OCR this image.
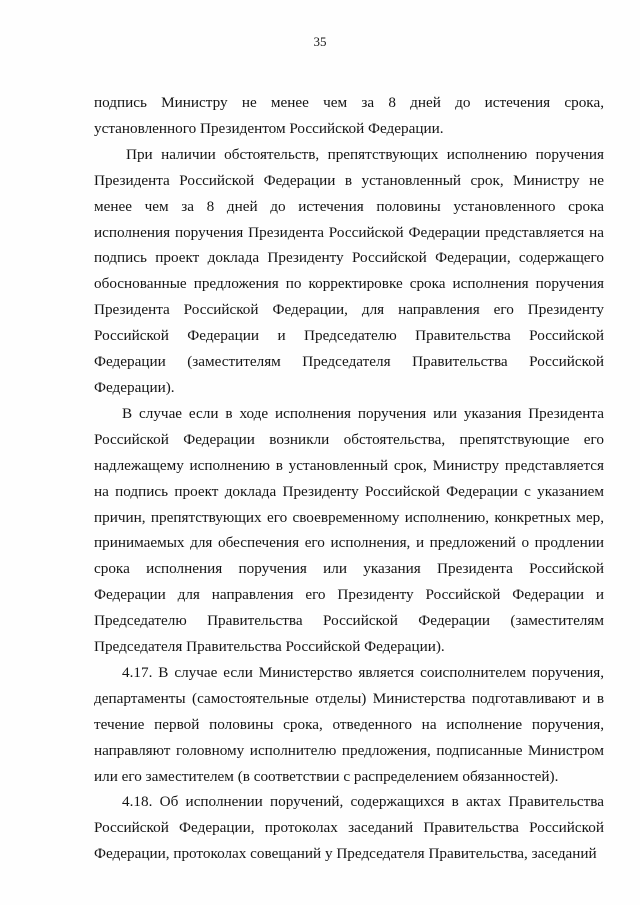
35

подпись Министру не менее чем за 8 дней до истечения срока, установленного Президентом Российской Федерации.

При наличии обстоятельств, препятствующих исполнению поручения Президента Российской Федерации в установленный срок, Министру не менее чем за 8 дней до истечения половины установленного срока исполнения поручения Президента Российской Федерации представляется на подпись проект доклада Президенту Российской Федерации, содержащего обоснованные предложения по корректировке срока исполнения поручения Президента Российской Федерации, для направления его Президенту Российской Федерации и Председателю Правительства Российской Федерации (заместителям Председателя Правительства Российской Федерации).

В случае если в ходе исполнения поручения или указания Президента Российской Федерации возникли обстоятельства, препятствующие его надлежащему исполнению в установленный срок, Министру представляется на подпись проект доклада Президенту Российской Федерации с указанием причин, препятствующих его своевременному исполнению, конкретных мер, принимаемых для обеспечения его исполнения, и предложений о продлении срока исполнения поручения или указания Президента Российской Федерации для направления его Президенту Российской Федерации и Председателю Правительства Российской Федерации (заместителям Председателя Правительства Российской Федерации).

4.17. В случае если Министерство является соисполнителем поручения, департаменты (самостоятельные отделы) Министерства подготавливают и в течение первой половины срока, отведенного на исполнение поручения, направляют головному исполнителю предложения, подписанные Министром или его заместителем (в соответствии с распределением обязанностей).

4.18. Об исполнении поручений, содержащихся в актах Правительства Российской Федерации, протоколах заседаний Правительства Российской Федерации, протоколах совещаний у Председателя Правительства, заседаний
